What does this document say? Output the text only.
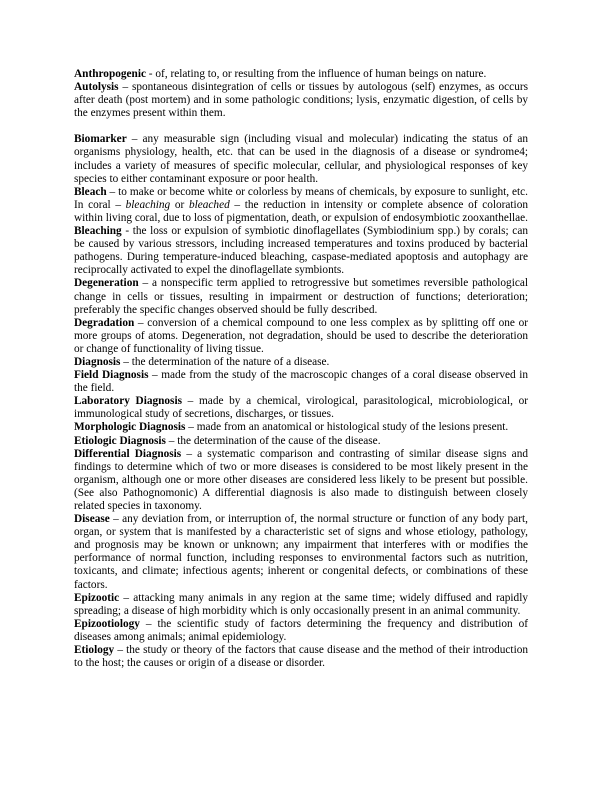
Anthropogenic - of, relating to, or resulting from the influence of human beings on nature.

Autolysis – spontaneous disintegration of cells or tissues by autologous (self) enzymes, as occurs after death (post mortem) and in some pathologic conditions; lysis, enzymatic digestion, of cells by the enzymes present within them.

Biomarker – any measurable sign (including visual and molecular) indicating the status of an organisms physiology, health, etc. that can be used in the diagnosis of a disease or syndrome4; includes a variety of measures of specific molecular, cellular, and physiological responses of key species to either contaminant exposure or poor health.

Bleach – to make or become white or colorless by means of chemicals, by exposure to sunlight, etc. In coral – bleaching or bleached – the reduction in intensity or complete absence of coloration within living coral, due to loss of pigmentation, death, or expulsion of endosymbiotic zooxanthellae.

Bleaching - the loss or expulsion of symbiotic dinoflagellates (Symbiodinium spp.) by corals; can be caused by various stressors, including increased temperatures and toxins produced by bacterial pathogens. During temperature-induced bleaching, caspase-mediated apoptosis and autophagy are reciprocally activated to expel the dinoflagellate symbionts.

Degeneration – a nonspecific term applied to retrogressive but sometimes reversible pathological change in cells or tissues, resulting in impairment or destruction of functions; deterioration; preferably the specific changes observed should be fully described.

Degradation – conversion of a chemical compound to one less complex as by splitting off one or more groups of atoms. Degeneration, not degradation, should be used to describe the deterioration or change of functionality of living tissue.

Diagnosis – the determination of the nature of a disease.

Field Diagnosis – made from the study of the macroscopic changes of a coral disease observed in the field.

Laboratory Diagnosis – made by a chemical, virological, parasitological, microbiological, or immunological study of secretions, discharges, or tissues.

Morphologic Diagnosis – made from an anatomical or histological study of the lesions present.

Etiologic Diagnosis – the determination of the cause of the disease.

Differential Diagnosis – a systematic comparison and contrasting of similar disease signs and findings to determine which of two or more diseases is considered to be most likely present in the organism, although one or more other diseases are considered less likely to be present but possible. (See also Pathognomonic) A differential diagnosis is also made to distinguish between closely related species in taxonomy.

Disease – any deviation from, or interruption of, the normal structure or function of any body part, organ, or system that is manifested by a characteristic set of signs and whose etiology, pathology, and prognosis may be known or unknown; any impairment that interferes with or modifies the performance of normal function, including responses to environmental factors such as nutrition, toxicants, and climate; infectious agents; inherent or congenital defects, or combinations of these factors.

Epizootic – attacking many animals in any region at the same time; widely diffused and rapidly spreading; a disease of high morbidity which is only occasionally present in an animal community.

Epizootiology – the scientific study of factors determining the frequency and distribution of diseases among animals; animal epidemiology.

Etiology – the study or theory of the factors that cause disease and the method of their introduction to the host; the causes or origin of a disease or disorder.
